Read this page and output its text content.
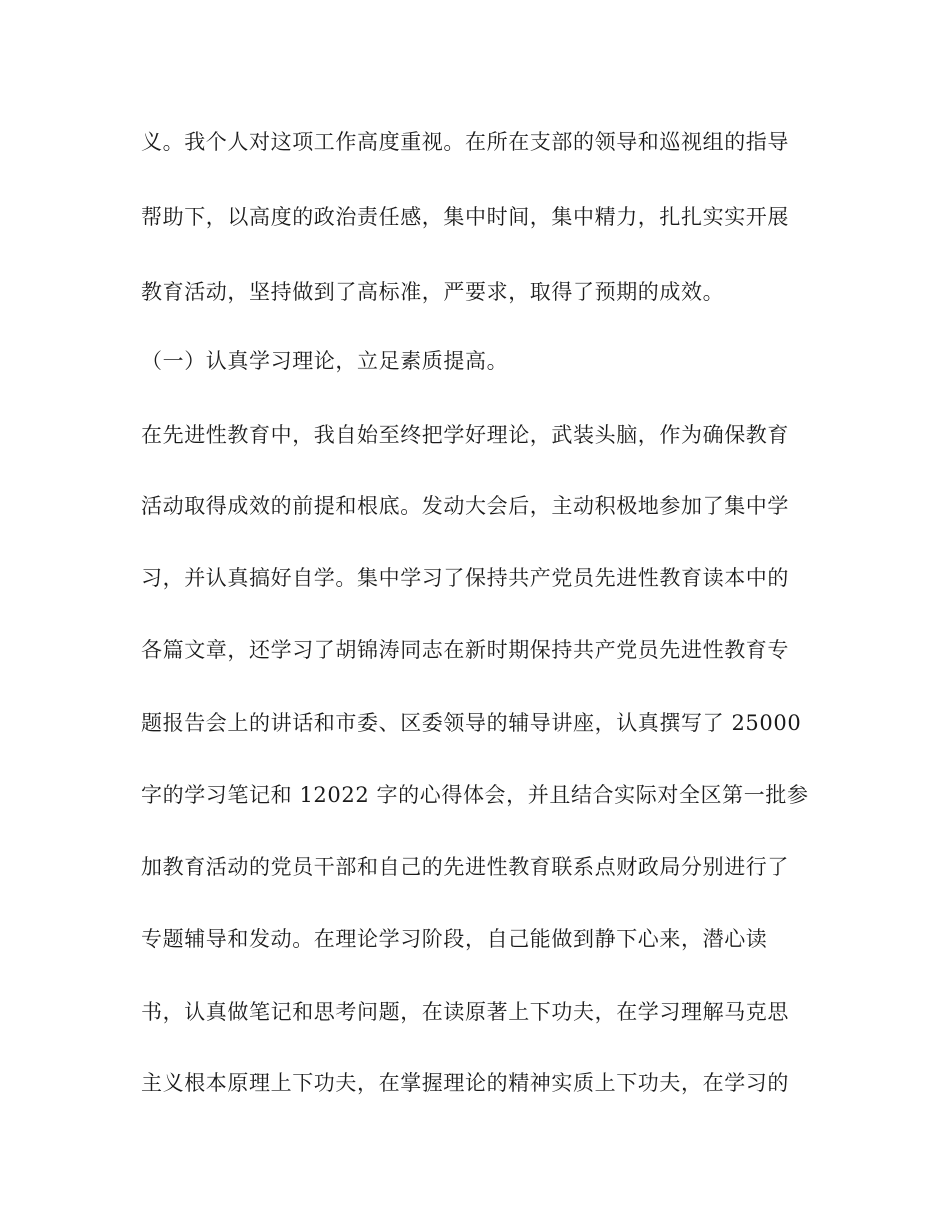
义。我个人对这项工作高度重视。在所在支部的领导和巡视组的指导
帮助下，以高度的政治责任感，集中时间，集中精力，扎扎实实开展
教育活动，坚持做到了高标准，严要求，取得了预期的成效。
（一）认真学习理论，立足素质提高。
在先进性教育中，我自始至终把学好理论，武装头脑，作为确保教育
活动取得成效的前提和根底。发动大会后，主动积极地参加了集中学
习，并认真搞好自学。集中学习了保持共产党员先进性教育读本中的
各篇文章，还学习了胡锦涛同志在新时期保持共产党员先进性教育专
题报告会上的讲话和市委、区委领导的辅导讲座，认真撰写了 25000
字的学习笔记和 12022 字的心得体会，并且结合实际对全区第一批参
加教育活动的党员干部和自己的先进性教育联系点财政局分别进行了
专题辅导和发动。在理论学习阶段，自己能做到静下心来，潜心读
书，认真做笔记和思考问题，在读原著上下功夫，在学习理解马克思
主义根本原理上下功夫，在掌握理论的精神实质上下功夫，在学习的
